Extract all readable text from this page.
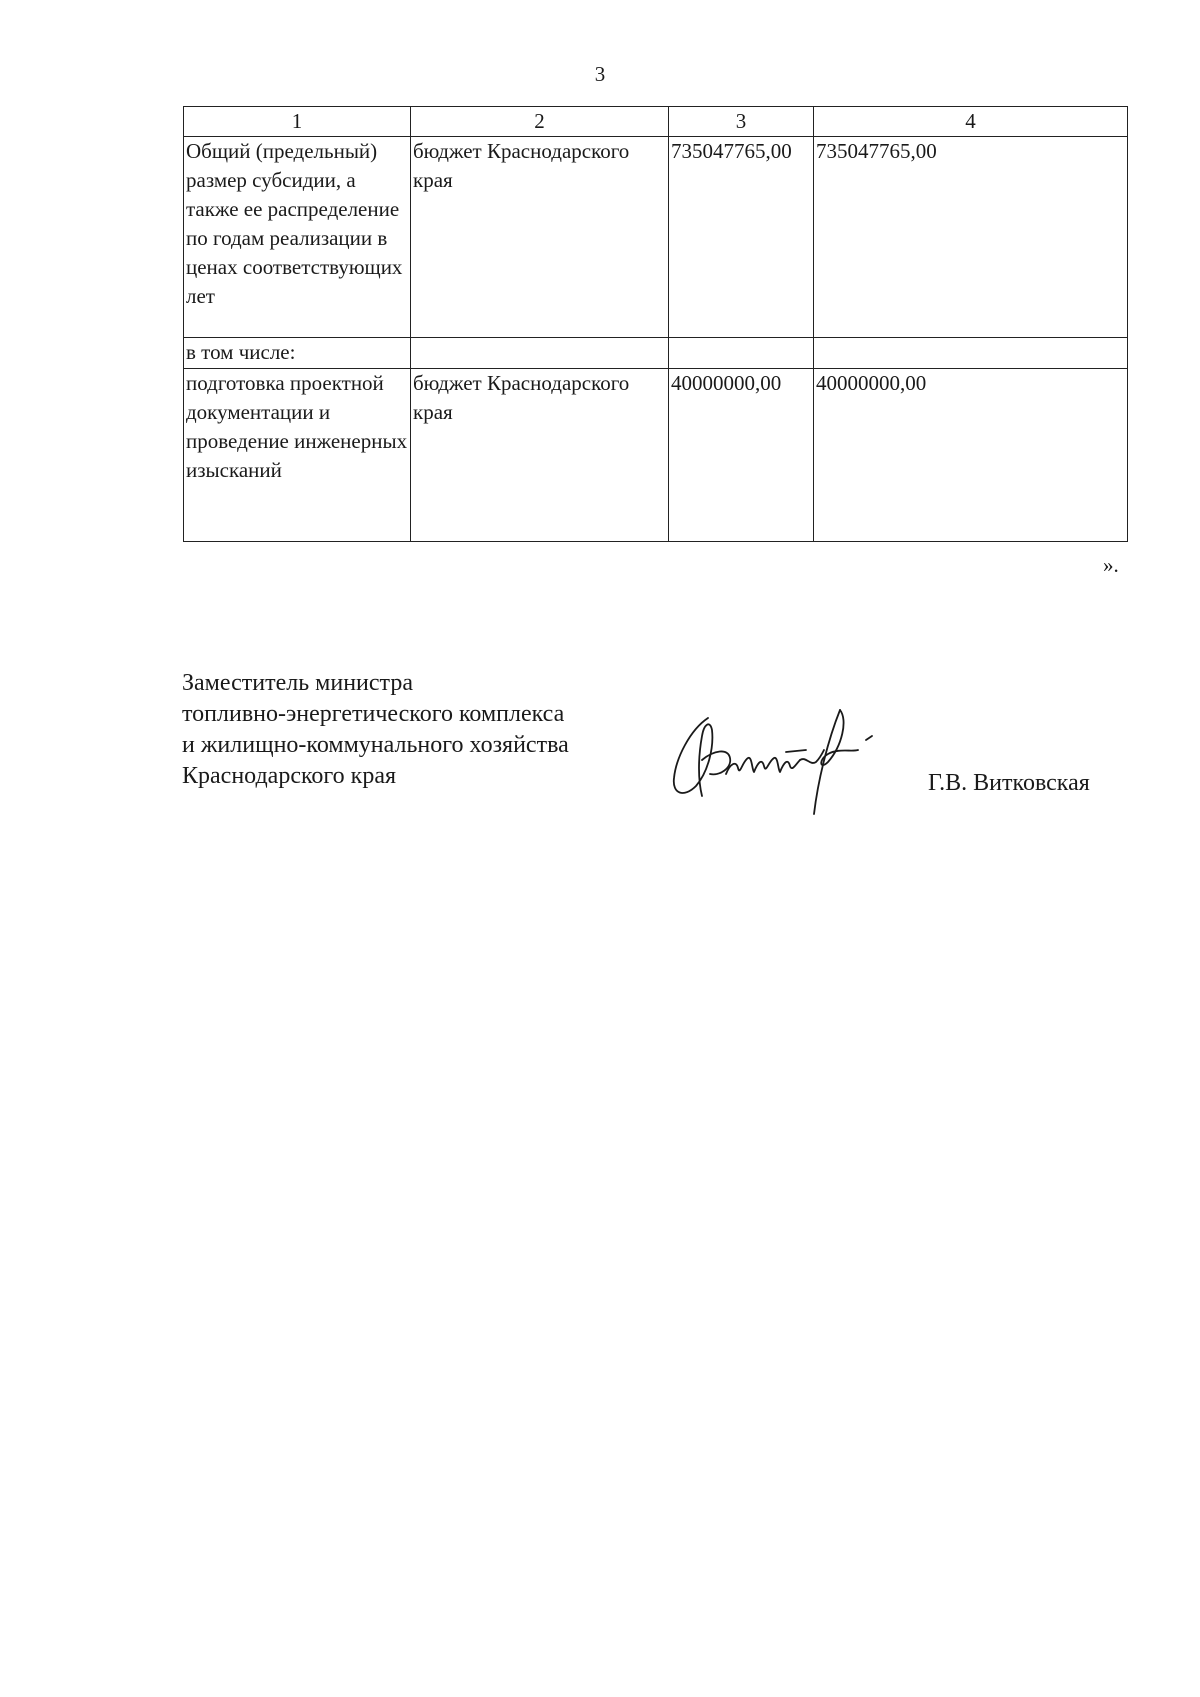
3
1	2	3	4
Общий (предельный) размер субсидии, а также ее распределение по годам реализации в ценах соответствующих лет	бюджет Краснодарского края	735047765,00	735047765,00
в том числе:			
подготовка проектной документации и проведение инженерных изысканий	бюджет Краснодарского края	40000000,00	40000000,00
».
Заместитель министра
топливно-энергетического комплекса
и жилищно-коммунального хозяйства
Краснодарского края	Г.В. Витковская
